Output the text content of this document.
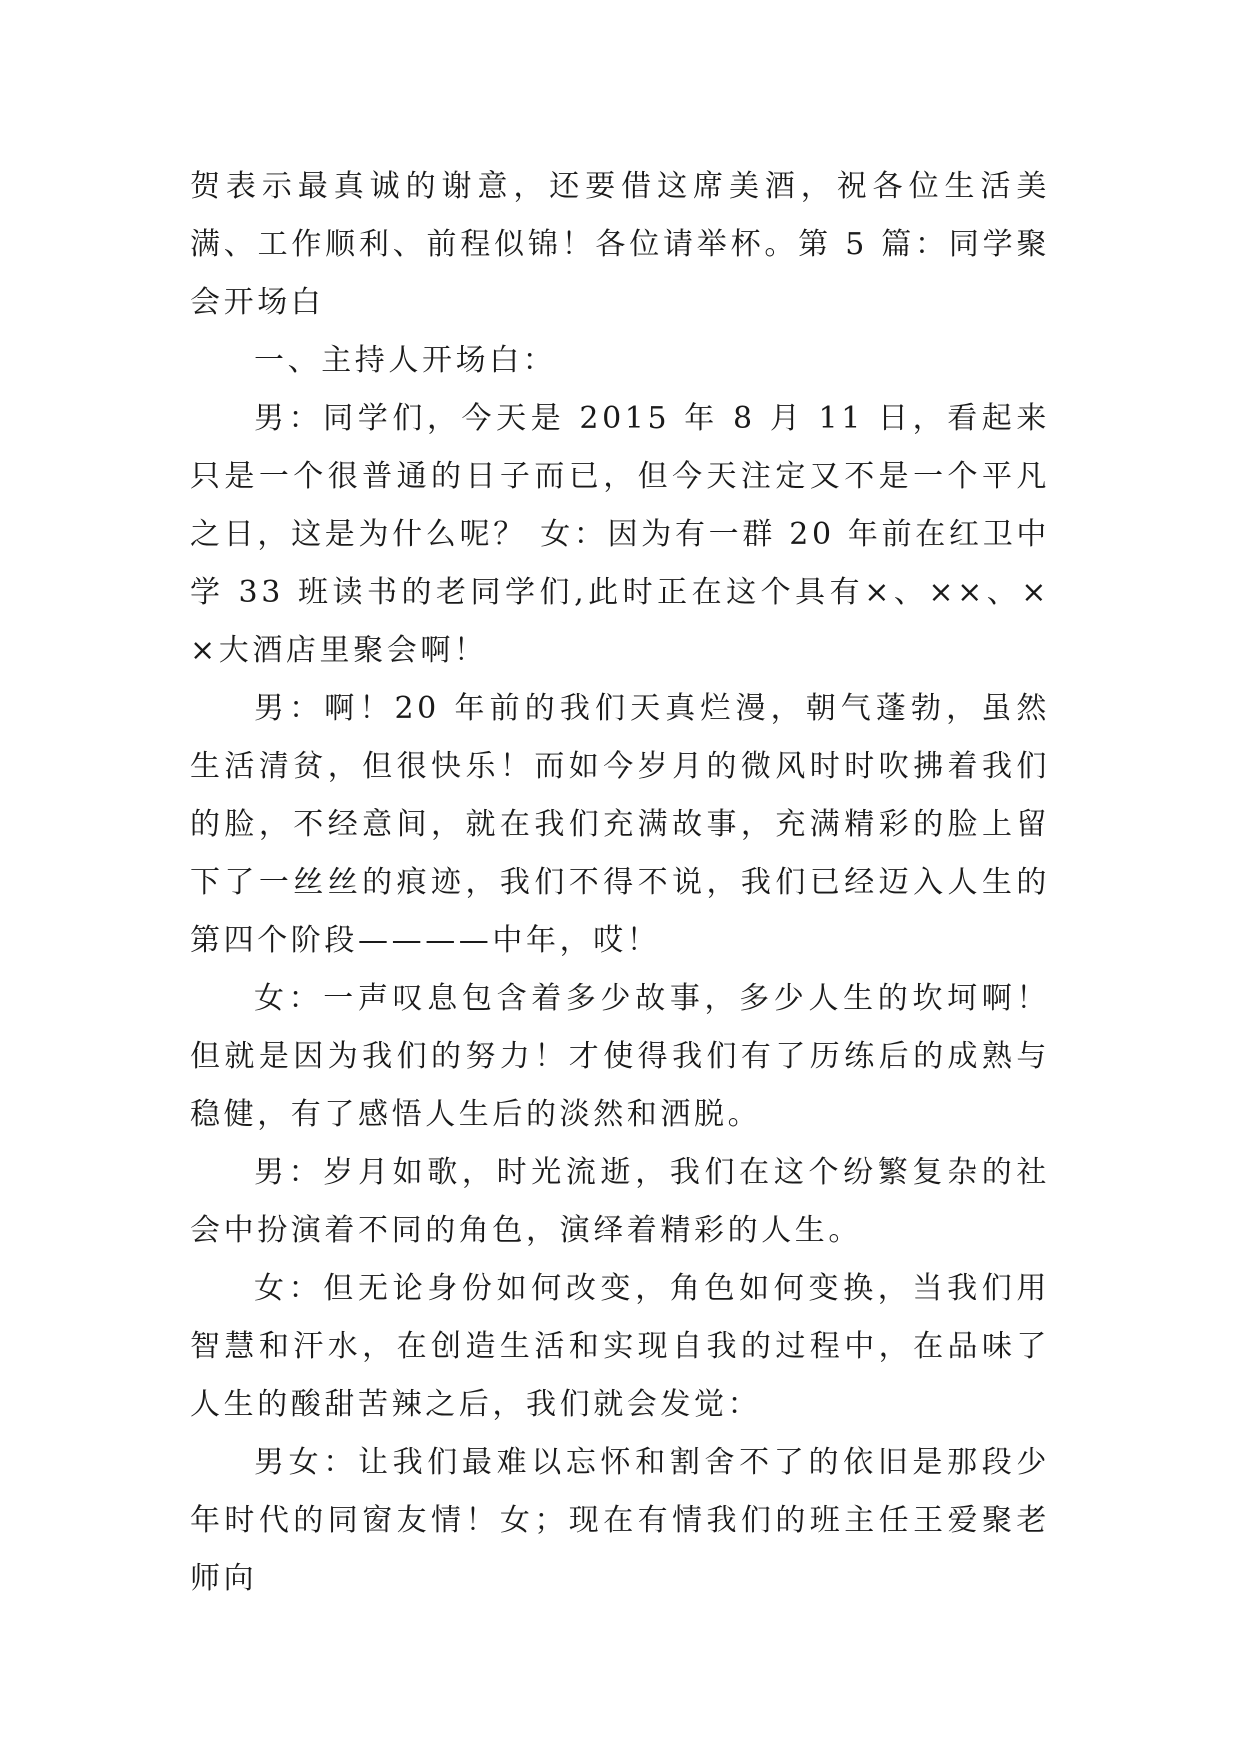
贺表示最真诚的谢意，还要借这席美酒，祝各位生活美满、工作顺利、前程似锦！各位请举杯。第 5 篇：同学聚会开场白

一、主持人开场白：

男：同学们，今天是 2015 年 8 月 11 日，看起来只是一个很普通的日子而已，但今天注定又不是一个平凡之日，这是为什么呢？ 女：因为有一群 20 年前在红卫中学 33 班读书的老同学们,此时正在这个具有×、××、××大酒店里聚会啊！

男：啊！20 年前的我们天真烂漫，朝气蓬勃，虽然生活清贫，但很快乐！而如今岁月的微风时时吹拂着我们的脸，不经意间，就在我们充满故事，充满精彩的脸上留下了一丝丝的痕迹，我们不得不说，我们已经迈入人生的第四个阶段————中年，哎！

女：一声叹息包含着多少故事，多少人生的坎坷啊！但就是因为我们的努力！才使得我们有了历练后的成熟与稳健，有了感悟人生后的淡然和洒脱。

男：岁月如歌，时光流逝，我们在这个纷繁复杂的社会中扮演着不同的角色，演绎着精彩的人生。

女：但无论身份如何改变，角色如何变换，当我们用智慧和汗水，在创造生活和实现自我的过程中，在品味了人生的酸甜苦辣之后，我们就会发觉：

男女：让我们最难以忘怀和割舍不了的依旧是那段少年时代的同窗友情！女；现在有情我们的班主任王爱聚老师向
